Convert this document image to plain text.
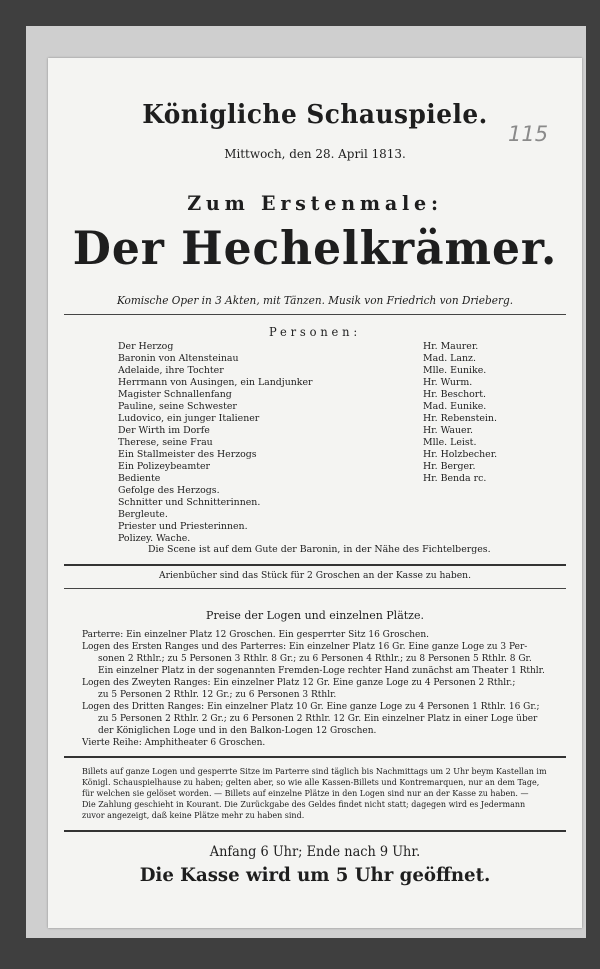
Königliche Schauspiele.
115
Mittwoch, den 28. April 1813.
Zum Erstenmale:
Der Hechelkrämer.
Komische Oper in 3 Akten, mit Tänzen. Musik von Friedrich von Drieberg.
Personen:
Der Herzog	Hr. Maurer.
Baronin von Altensteinau	Mad. Lanz.
Adelaide, ihre Tochter	Mlle. Eunike.
Herrmann von Ausingen, ein Landjunker	Hr. Wurm.
Magister Schnallenfang	Hr. Beschort.
Pauline, seine Schwester	Mad. Eunike.
Ludovico, ein junger Italiener	Hr. Rebenstein.
Der Wirth im Dorfe	Hr. Wauer.
Therese, seine Frau	Mlle. Leist.
Ein Stallmeister des Herzogs	Hr. Holzbecher.
Ein Polizeybeamter	Hr. Berger.
Bediente	Hr. Benda rc.
Gefolge des Herzogs.
Schnitter und Schnitterinnen.
Bergleute.
Priester und Priesterinnen.
Polizey. Wache.
Die Scene ist auf dem Gute der Baronin, in der Nähe des Fichtelberges.
Arienbücher sind das Stück für 2 Groschen an der Kasse zu haben.
Preise der Logen und einzelnen Plätze.
Parterre: Ein einzelner Platz 12 Groschen. Ein gesperrter Sitz 16 Groschen.
Logen des Ersten Ranges und des Parterres: Ein einzelner Platz 16 Gr. Eine ganze Loge zu 3 Per-
sonen 2 Rthlr.; zu 5 Personen 3 Rthlr. 8 Gr.; zu 6 Personen 4 Rthlr.; zu 8 Personen 5 Rthlr. 8 Gr.
Ein einzelner Platz in der sogenannten Fremden-Loge rechter Hand zunächst am Theater 1 Rthlr.
Logen des Zweyten Ranges: Ein einzelner Platz 12 Gr. Eine ganze Loge zu 4 Personen 2 Rthlr.;
zu 5 Personen 2 Rthlr. 12 Gr.; zu 6 Personen 3 Rthlr.
Logen des Dritten Ranges: Ein einzelner Platz 10 Gr. Eine ganze Loge zu 4 Personen 1 Rthlr. 16 Gr.;
zu 5 Personen 2 Rthlr. 2 Gr.; zu 6 Personen 2 Rthlr. 12 Gr. Ein einzelner Platz in einer Loge über
der Königlichen Loge und in den Balkon-Logen 12 Groschen.
Vierte Reihe: Amphitheater 6 Groschen.
Billets auf ganze Logen und gesperrte Sitze im Parterre sind täglich bis Nachmittags um 2 Uhr beym Kastellan im
Königl. Schauspielhause zu haben; gelten aber, so wie alle Kassen-Billets und Kontremarquen, nur an dem Tage,
für welchen sie gelöset worden. — Billets auf einzelne Plätze in den Logen sind nur an der Kasse zu haben. —
Die Zahlung geschieht in Kourant. Die Zurückgabe des Geldes findet nicht statt; dagegen wird es Jedermann
zuvor angezeigt, daß keine Plätze mehr zu haben sind.
Anfang 6 Uhr; Ende nach 9 Uhr.
Die Kasse wird um 5 Uhr geöffnet.
